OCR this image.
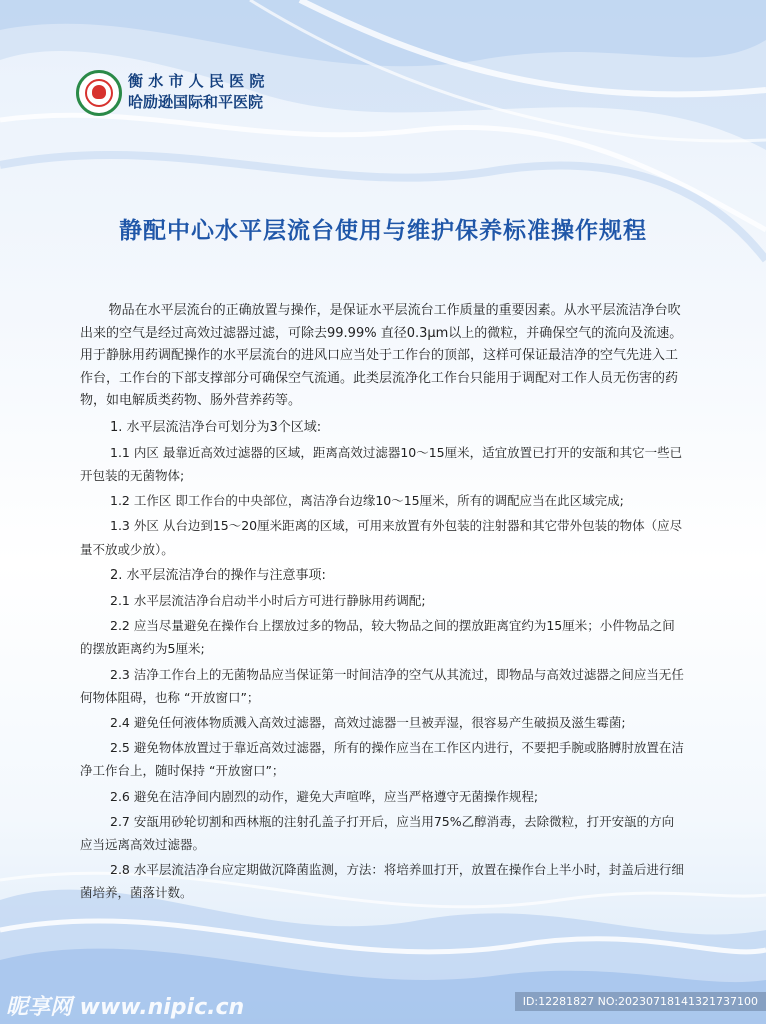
衡 水 市 人 民 医 院
哈励逊国际和平医院
静配中心水平层流台使用与维护保养标准操作规程

物品在水平层流台的正确放置与操作，是保证水平层流台工作质量的重要因素。从水平层流洁净台吹出来的空气是经过高效过滤器过滤，可除去99.99% 直径0.3μm以上的微粒，并确保空气的流向及流速。用于静脉用药调配操作的水平层流台的进风口应当处于工作台的顶部，这样可保证最洁净的空气先进入工作台，工作台的下部支撑部分可确保空气流通。此类层流净化工作台只能用于调配对工作人员无伤害的药物，如电解质类药物、肠外营养药等。

1. 水平层流洁净台可划分为3个区域:

1.1 内区 最靠近高效过滤器的区域，距离高效过滤器10～15厘米，适宜放置已打开的安瓿和其它一些已开包装的无菌物体;

1.2 工作区 即工作台的中央部位，离洁净台边缘10～15厘米，所有的调配应当在此区域完成;

1.3 外区 从台边到15～20厘米距离的区域，可用来放置有外包装的注射器和其它带外包装的物体（应尽量不放或少放）。

2. 水平层流洁净台的操作与注意事项:

2.1 水平层流洁净台启动半小时后方可进行静脉用药调配;

2.2 应当尽量避免在操作台上摆放过多的物品，较大物品之间的摆放距离宜约为15厘米；小件物品之间的摆放距离约为5厘米;

2.3 洁净工作台上的无菌物品应当保证第一时间洁净的空气从其流过，即物品与高效过滤器之间应当无任何物体阻碍，也称 “开放窗口”；

2.4 避免任何液体物质溅入高效过滤器，高效过滤器一旦被弄湿，很容易产生破损及滋生霉菌;

2.5 避免物体放置过于靠近高效过滤器，所有的操作应当在工作区内进行，不要把手腕或胳膊肘放置在洁净工作台上，随时保持 “开放窗口”；

2.6 避免在洁净间内剧烈的动作，避免大声喧哗，应当严格遵守无菌操作规程;

2.7 安瓿用砂轮切割和西林瓶的注射孔盖子打开后，应当用75%乙醇消毒，去除微粒，打开安瓿的方向应当远离高效过滤器。

2.8 水平层流洁净台应定期做沉降菌监测，方法：将培养皿打开，放置在操作台上半小时，封盖后进行细菌培养，菌落计数。

昵享网 www.nipic.cn	ID:12281827 NO:20230718141321737100
